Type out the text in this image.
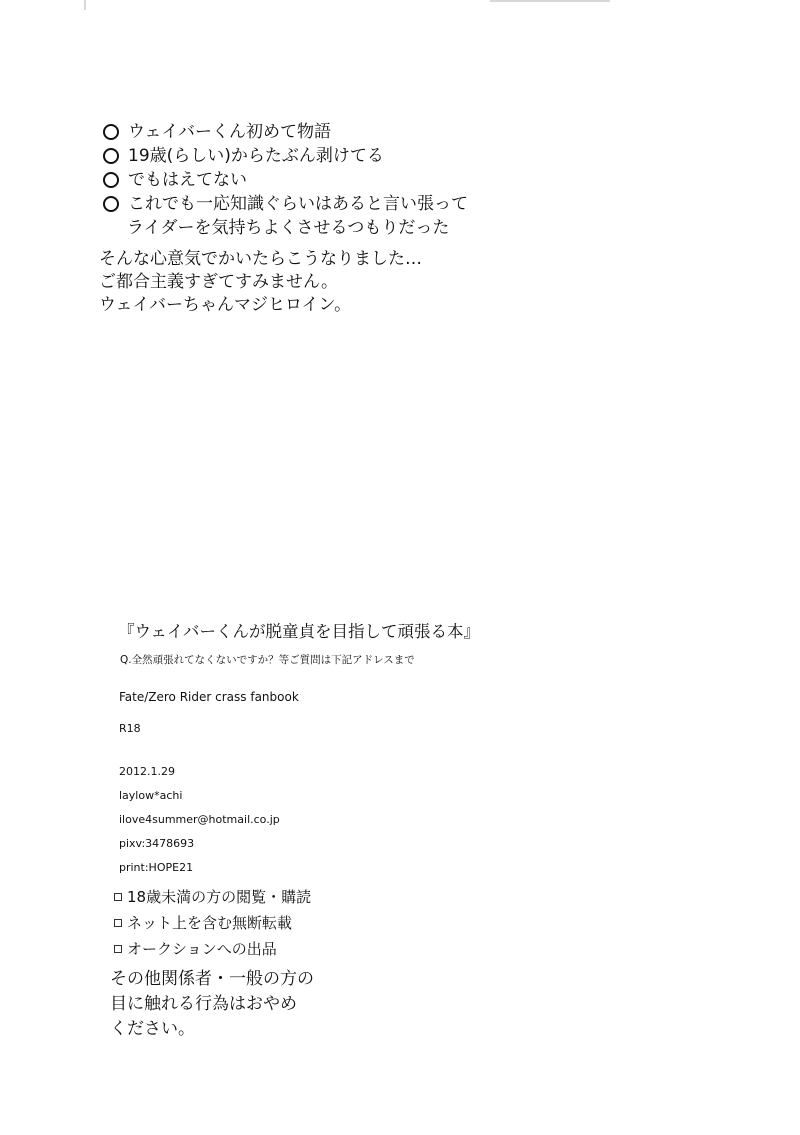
ウェイバーくん初めて物語
19歳(らしい)からたぶん剥けてる
でもはえてない
これでも一応知識ぐらいはあると言い張って
ライダーを気持ちよくさせるつもりだった
そんな心意気でかいたらこうなりました…
ご都合主義すぎてすみません。
ウェイバーちゃんマジヒロイン。
『ウェイバーくんが脱童貞を目指して頑張る本』
Q.全然頑張れてなくないですか？等ご質問は下記アドレスまで
Fate/Zero Rider crass fanbook
R18
2012.1.29
laylow*achi
ilove4summer@hotmail.co.jp
pixv:3478693
print:HOPE21
18歳未満の方の閲覧・購読
ネット上を含む無断転載
オークションへの出品
その他関係者・一般の方の
目に触れる行為はおやめ
ください。
